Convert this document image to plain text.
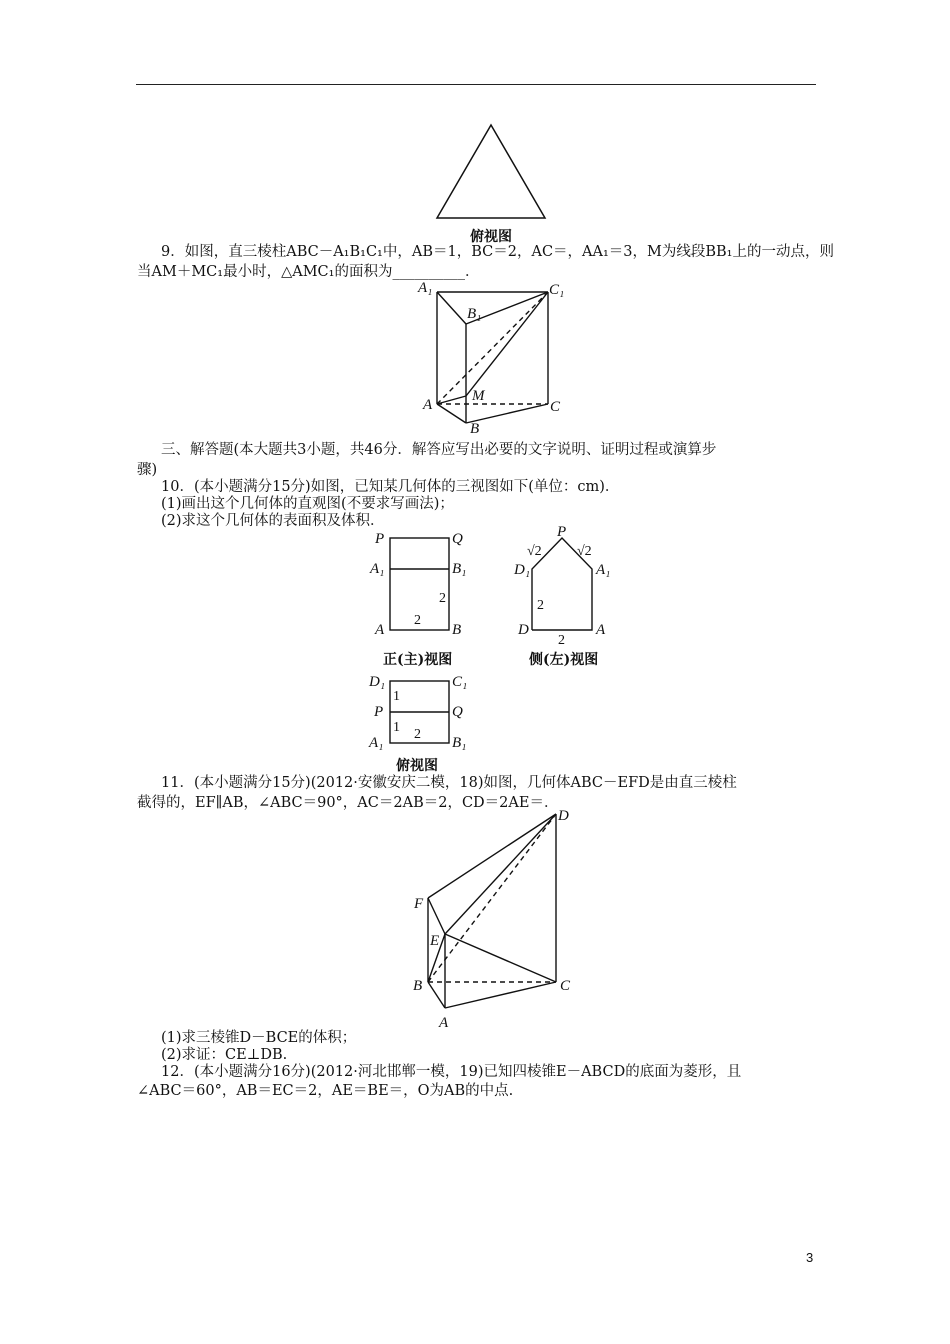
A₁
B₁
C₁
A
M
C
B
P	Q
A₁	B₁
2
2
A	B
P
√2	√2
D₁	A₁
2
D	A
2
D₁	C₁
1
P	Q
1 2
A₁	B₁
D
F
E
B	C
A
俯视图
9．如图，直三棱柱ABC－A₁B₁C₁中，AB＝1，BC＝2，AC＝，AA₁＝3，M为线段BB₁上的一动点，则
当AM＋MC₁最小时，△AMC₁的面积为__________．
三、解答题(本大题共3小题，共46分．解答应写出必要的文字说明、证明过程或演算步
骤)
10．(本小题满分15分)如图，已知某几何体的三视图如下(单位：cm)．
(1)画出这个几何体的直观图(不要求写画法)；
(2)求这个几何体的表面积及体积．
正(主)视图	侧(左)视图
俯视图
11．(本小题满分15分)(2012·安徽安庆二模，18)如图，几何体ABC－EFD是由直三棱柱
截得的，EF∥AB，∠ABC＝90°，AC＝2AB＝2，CD＝2AE＝．
(1)求三棱锥D－BCE的体积；
(2)求证：CE⊥DB.
12．(本小题满分16分)(2012·河北邯郸一模，19)已知四棱锥E－ABCD的底面为菱形，且
∠ABC＝60°，AB＝EC＝2，AE＝BE＝，O为AB的中点.
3
